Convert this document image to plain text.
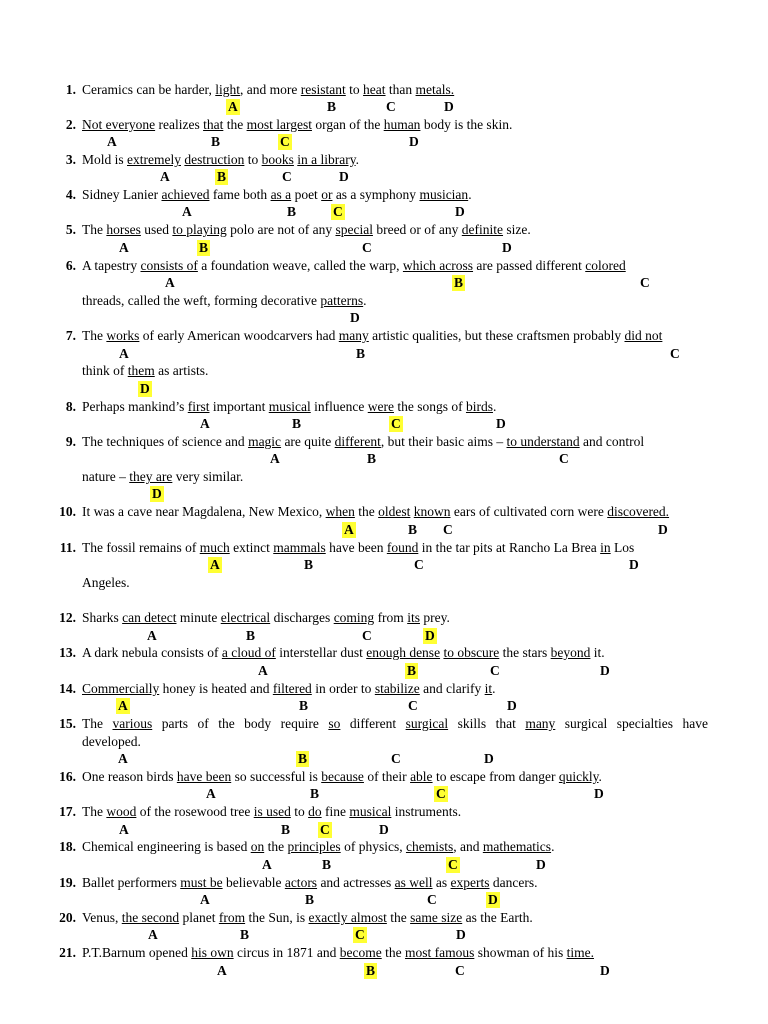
1. Ceramics can be harder, light, and more resistant to heat than metals.
A	B	C	D
2. Not everyone realizes that the most largest organ of the human body is the skin.
A	B	C	D
3. Mold is extremely destruction to books in a library.
A	B	C	D
4. Sidney Lanier achieved fame both as a poet or as a symphony musician.
A	B	C	D
5. The horses used to playing polo are not of any special breed or of any definite size.
A	B	C	D
6. A tapestry consists of a foundation weave, called the warp, which across are passed different colored
threads, called the weft, forming decorative patterns.
A	B	C
D
7. The works of early American woodcarvers had many artistic qualities, but these craftsmen probably did not
think of them as artists.
A	B	C
D
8. Perhaps mankind’s first important musical influence were the songs of birds.
A	B	C	D
9. The techniques of science and magic are quite different, but their basic aims – to understand and control
nature – they are very similar.
A	B	C
D
10. It was a cave near Magdalena, New Mexico, when the oldest known ears of cultivated corn were discovered.
A	B C	D
11. The fossil remains of much extinct mammals have been found in the tar pits at Rancho La Brea in Los
Angeles.
A	B	C	D
12. Sharks can detect minute electrical discharges coming from its prey.
A	B	C	D
13. A dark nebula consists of a cloud of interstellar dust enough dense to obscure the stars beyond it.
A	B	C	D
14. Commercially honey is heated and filtered in order to stabilize and clarify it.
A	B	C	D
15. The various parts of the body require so different surgical skills that many surgical specialties have
developed.
A	B	C	D
16. One reason birds have been so successful is because of their able to escape from danger quickly.
A	B	C	D
17. The wood of the rosewood tree is used to do fine musical instruments.
A	B C	D
18. Chemical engineering is based on the principles of physics, chemists, and mathematics.
A	B	C	D
19. Ballet performers must be believable actors and actresses as well as experts dancers.
A	B	C	D
20. Venus, the second planet from the Sun, is exactly almost the same size as the Earth.
A	B	C	D
21. P.T.Barnum opened his own circus in 1871 and become the most famous showman of his time.
A	B	C	D
